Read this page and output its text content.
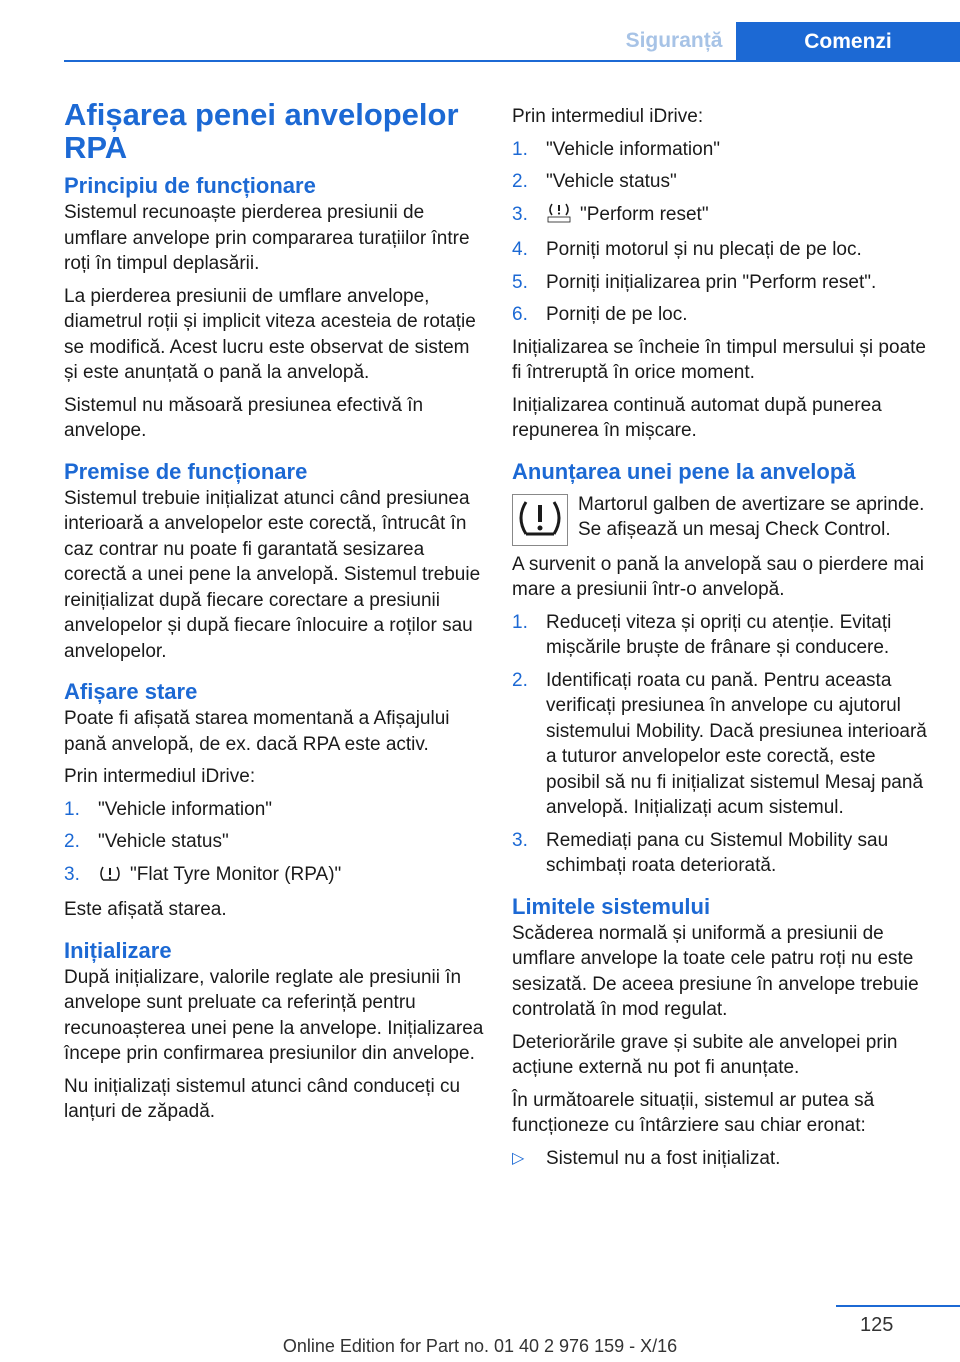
Siguranță	Comenzi
Afișarea penei anvelopelor RPA
Principiu de funcționare

Sistemul recunoaște pierderea presiunii de umflare anvelope prin compararea turațiilor între roți în timpul deplasării.

La pierderea presiunii de umflare anvelope, diametrul roții și implicit viteza acesteia de rotație se modifică. Acest lucru este observat de sistem și este anunțată o pană la anvelopă.

Sistemul nu măsoară presiunea efectivă în anvelope.

Premise de funcționare

Sistemul trebuie inițializat atunci când presiunea interioară a anvelopelor este corectă, întrucât în caz contrar nu poate fi garantată sesizarea corectă a unei pene la anvelopă. Sistemul trebuie reinițializat după fiecare corectare a presiunii anvelopelor și după fiecare înlocuire a roților sau anvelopelor.

Afișare stare

Poate fi afișată starea momentană a Afișajului pană anvelopă, de ex. dacă RPA este activ.

Prin intermediul iDrive:

1. "Vehicle information"
2. "Vehicle status"
3.	"Flat Tyre Monitor (RPA)"

Este afișată starea.

Inițializare

După inițializare, valorile reglate ale presiunii în anvelope sunt preluate ca referință pentru recunoașterea unei pene la anvelope. Inițializarea începe prin confirmarea presiunilor din anvelope.

Nu inițializați sistemul atunci când conduceți cu lanțuri de zăpadă.

Prin intermediul iDrive:

1. "Vehicle information"
2. "Vehicle status"
3.	"Perform reset"
4. Porniți motorul și nu plecați de pe loc.
5. Porniți inițializarea prin "Perform reset".
6. Porniți de pe loc.

Inițializarea se încheie în timpul mersului și poate fi întreruptă în orice moment.

Inițializarea continuă automat după punerea repunerea în mișcare.

Anunțarea unei pene la anvelopă

Martorul galben de avertizare se aprinde. Se afișează un mesaj Check Control.

A survenit o pană la anvelopă sau o pierdere mai mare a presiunii într-o anvelopă.

1. Reduceți viteza și opriți cu atenție. Evitați mișcările bruște de frânare și conducere.
2. Identificați roata cu pană. Pentru aceasta verificați presiunea în anvelope cu ajutorul sistemului Mobility. Dacă presiunea interioară a tuturor anvelopelor este corectă, este posibil să nu fi inițializat sistemul Mesaj pană anvelopă. Inițializați acum sistemul.
3. Remediați pana cu Sistemul Mobility sau schimbați roata deteriorată.
Limitele sistemului

Scăderea normală și uniformă a presiunii de umflare anvelope la toate cele patru roți nu este sesizată. De aceea presiune în anvelope trebuie controlată în mod regulat.

Deteriorările grave și subite ale anvelopei prin acțiune externă nu pot fi anunțate.

În următoarele situații, sistemul ar putea să funcționeze cu întârziere sau chiar eronat:

▷ Sistemul nu a fost inițializat.
125
Online Edition for Part no. 01 40 2 976 159 - X/16
